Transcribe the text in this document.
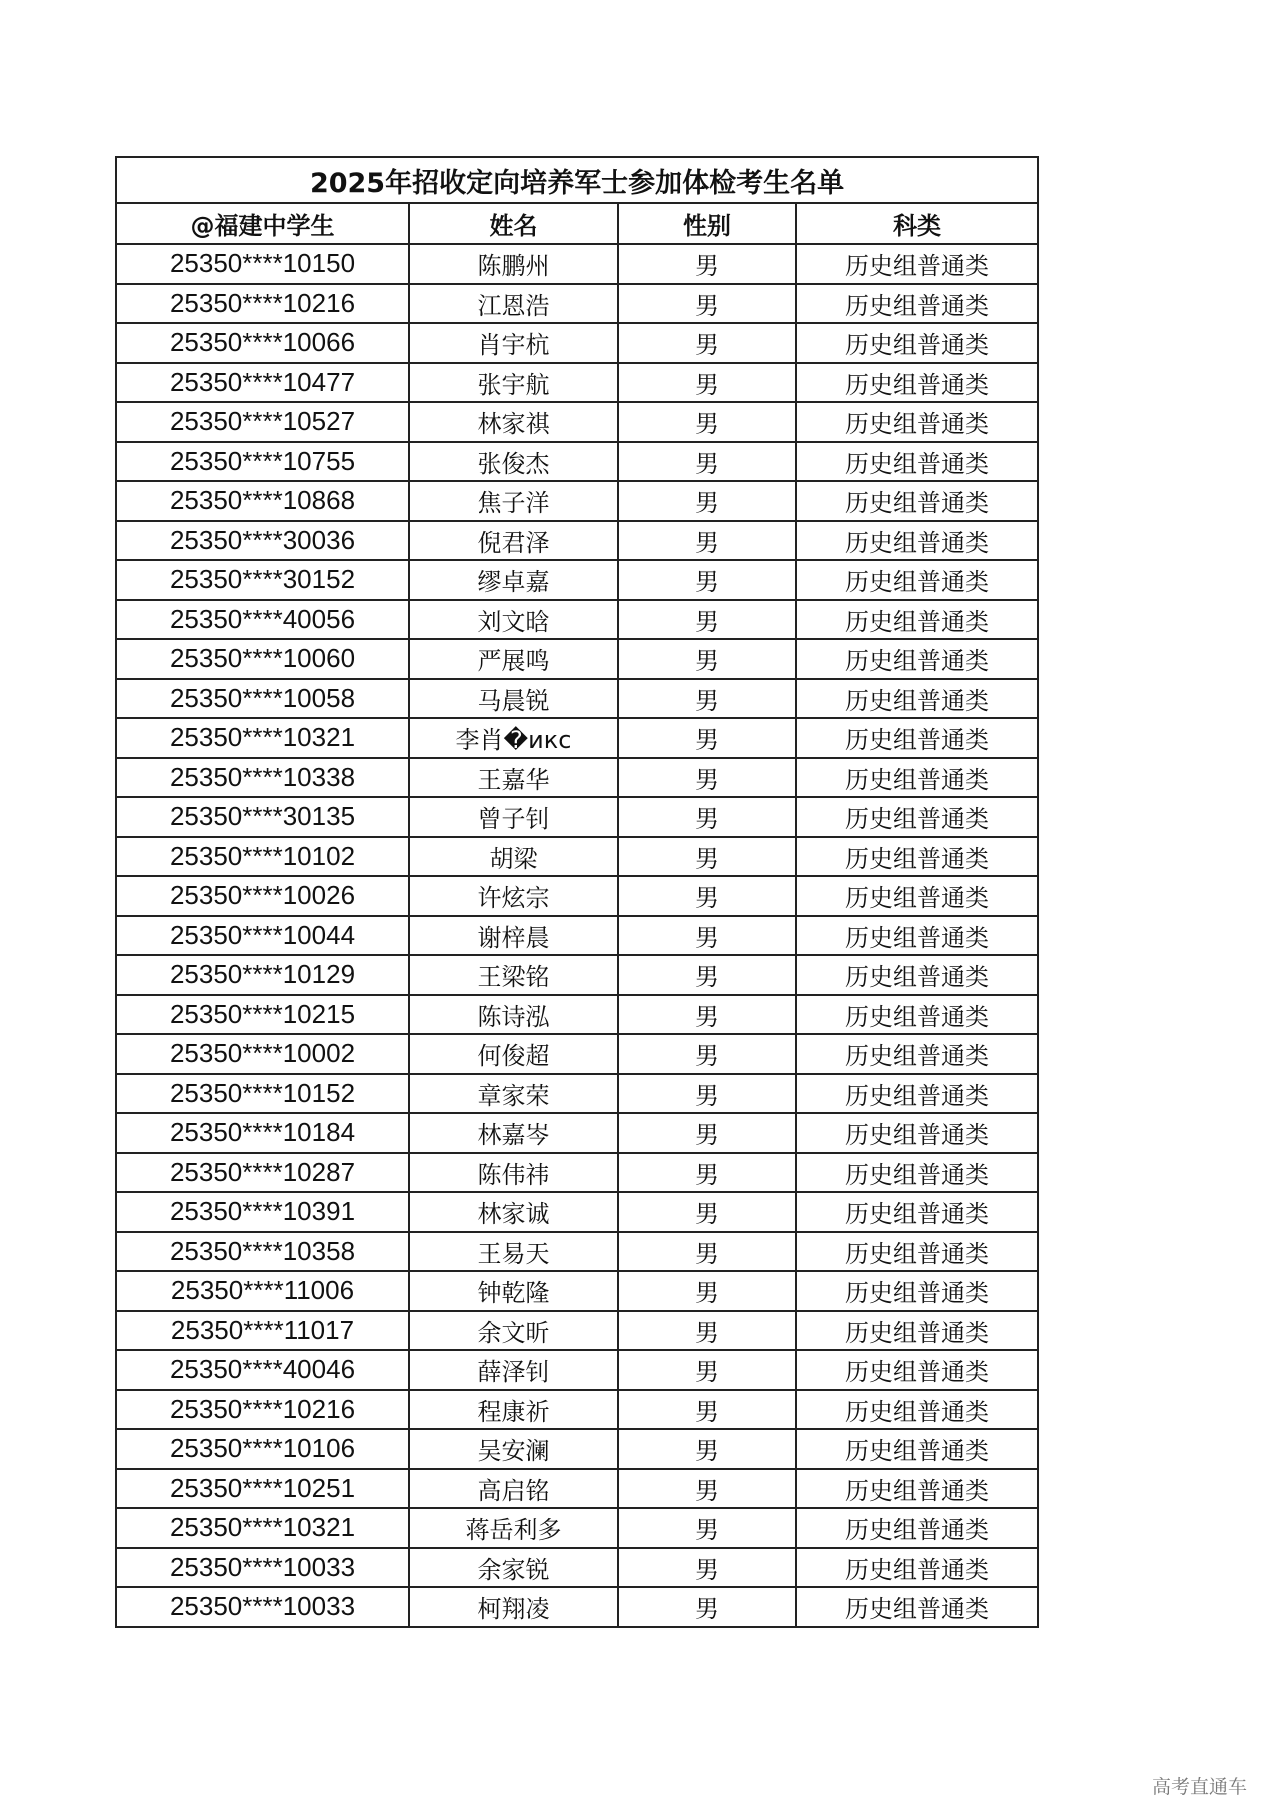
2025年招收定向培养军士参加体检考生名单			
@福建中学生	姓名	性别	科类
25350****10150	陈鹏州	男	历史组普通类
25350****10216	江恩浩	男	历史组普通类
25350****10066	肖宇杭	男	历史组普通类
25350****10477	张宇航	男	历史组普通类
25350****10527	林家祺	男	历史组普通类
25350****10755	张俊杰	男	历史组普通类
25350****10868	焦子洋	男	历史组普通类
25350****30036	倪君泽	男	历史组普通类
25350****30152	缪卓嘉	男	历史组普通类
25350****40056	刘文晗	男	历史组普通类
25350****10060	严展鸣	男	历史组普通类
25350****10058	马晨锐	男	历史组普通类
25350****10321	李肖�икс	男	历史组普通类
25350****10338	王嘉华	男	历史组普通类
25350****30135	曾子钊	男	历史组普通类
25350****10102	胡梁	男	历史组普通类
25350****10026	许炫宗	男	历史组普通类
25350****10044	谢梓晨	男	历史组普通类
25350****10129	王梁铭	男	历史组普通类
25350****10215	陈诗泓	男	历史组普通类
25350****10002	何俊超	男	历史组普通类
25350****10152	章家荣	男	历史组普通类
25350****10184	林嘉岑	男	历史组普通类
25350****10287	陈伟祎	男	历史组普通类
25350****10391	林家诚	男	历史组普通类
25350****10358	王易天	男	历史组普通类
25350****11006	钟乾隆	男	历史组普通类
25350****11017	余文昕	男	历史组普通类
25350****40046	薛泽钊	男	历史组普通类
25350****10216	程康祈	男	历史组普通类
25350****10106	吴安澜	男	历史组普通类
25350****10251	高启铭	男	历史组普通类
25350****10321	蒋岳利多	男	历史组普通类
25350****10033	余家锐	男	历史组普通类
25350****10033	柯翔凌	男	历史组普通类
高考直通车
